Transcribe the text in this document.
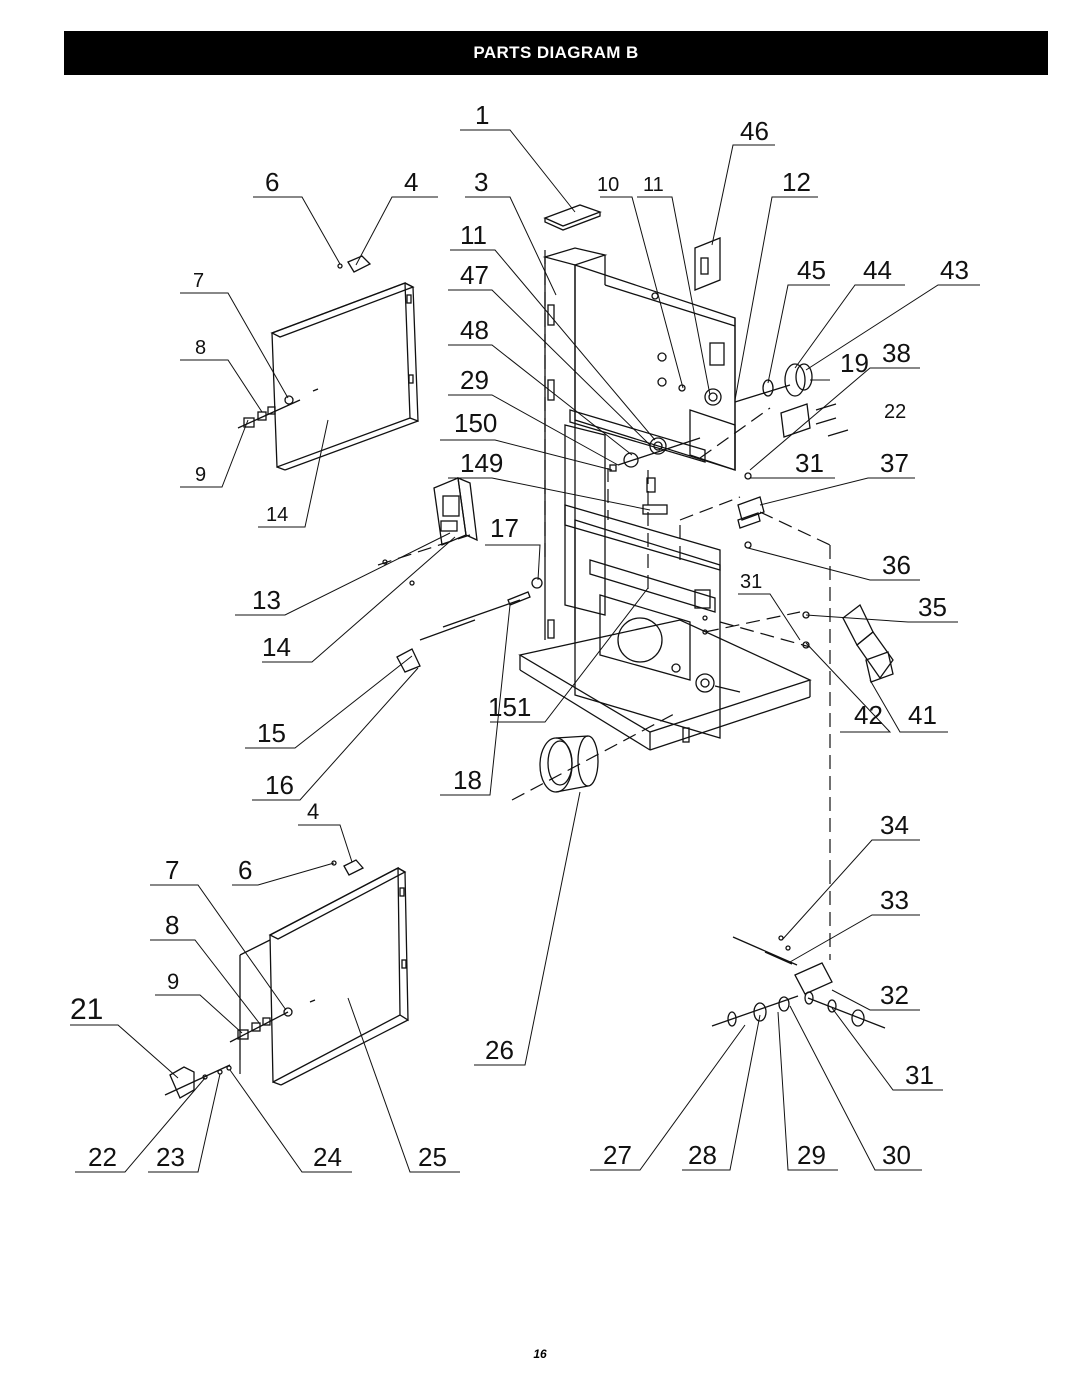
PARTS DIAGRAM B
1
46
6	4 3	10 11	12
11
7	47	45 44 43
8
48
19 38
29
22
150
9	149	31 37
14	17
36
13
31
35
14
151	42 41
15
16	18
4	34
7 6
33
8
9	32
21
26
31
22 23	24	25	27 28	29 30
16
